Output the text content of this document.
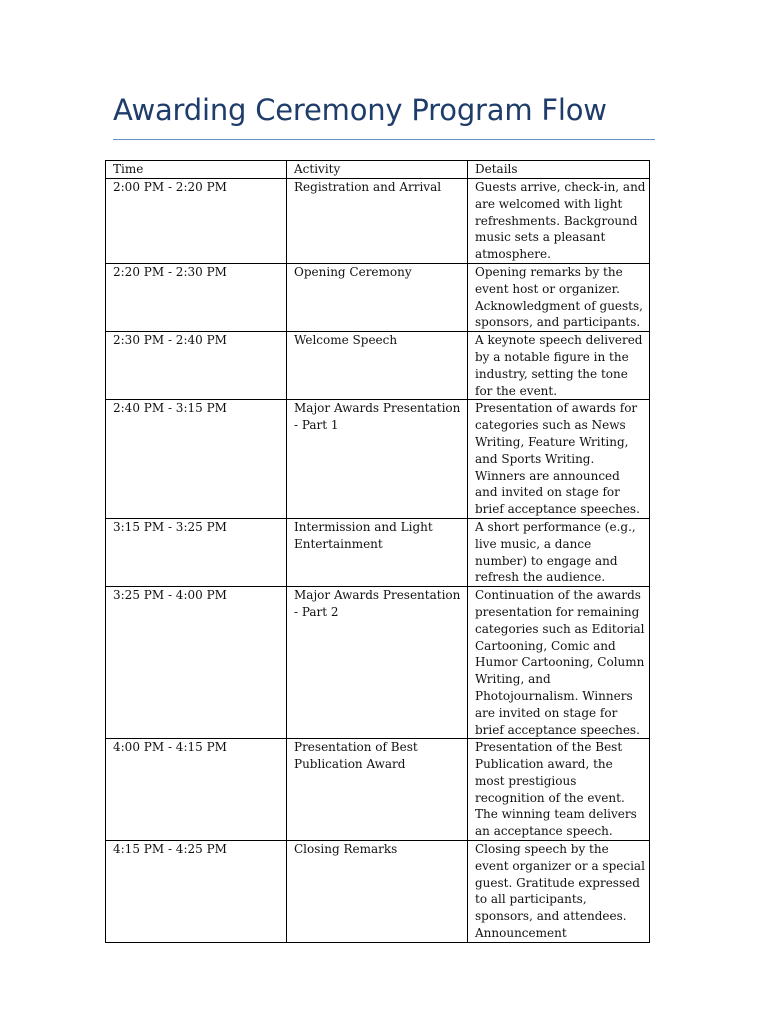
Awarding Ceremony Program Flow
Time	Activity	Details
2:00 PM - 2:20 PM	Registration and Arrival	Guests arrive, check-in, and are welcomed with light refreshments. Background music sets a pleasant atmosphere.
2:20 PM - 2:30 PM	Opening Ceremony	Opening remarks by the event host or organizer. Acknowledgment of guests, sponsors, and participants.
2:30 PM - 2:40 PM	Welcome Speech	A keynote speech delivered by a notable figure in the industry, setting the tone for the event.
2:40 PM - 3:15 PM	Major Awards Presentation - Part 1	Presentation of awards for categories such as News Writing, Feature Writing, and Sports Writing. Winners are announced and invited on stage for brief acceptance speeches.
3:15 PM - 3:25 PM	Intermission and Light Entertainment	A short performance (e.g., live music, a dance number) to engage and refresh the audience.
3:25 PM - 4:00 PM	Major Awards Presentation - Part 2	Continuation of the awards presentation for remaining categories such as Editorial Cartooning, Comic and Humor Cartooning, Column Writing, and Photojournalism. Winners are invited on stage for brief acceptance speeches.
4:00 PM - 4:15 PM	Presentation of Best Publication Award	Presentation of the Best Publication award, the most prestigious recognition of the event. The winning team delivers an acceptance speech.
4:15 PM - 4:25 PM	Closing Remarks	Closing speech by the event organizer or a special guest. Gratitude expressed to all participants, sponsors, and attendees. Announcement
